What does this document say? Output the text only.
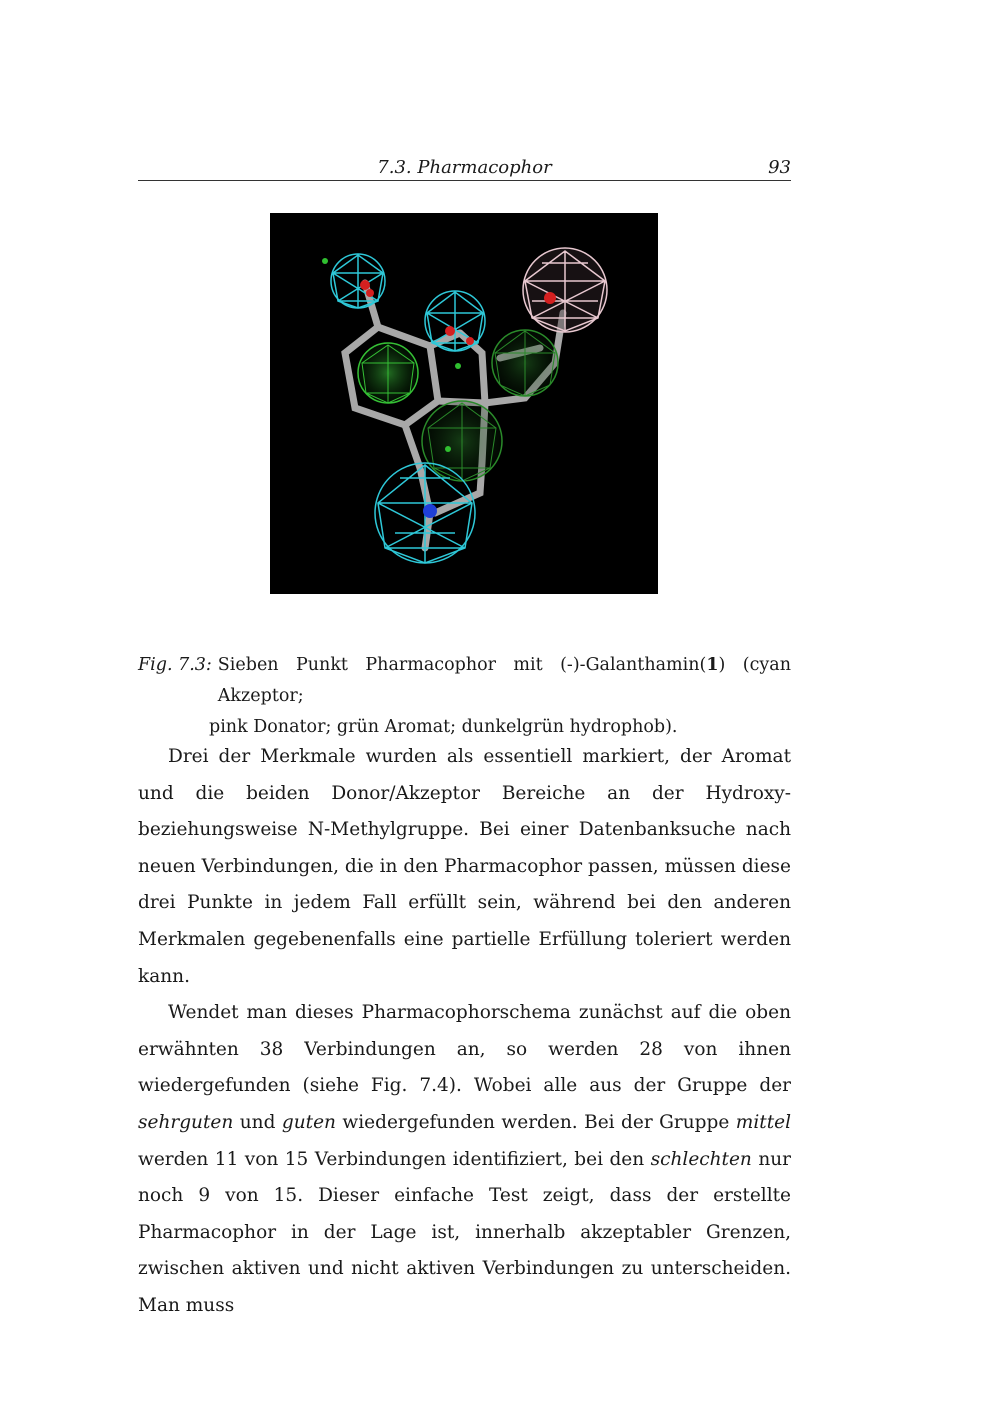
7.3. Pharmacophor	93
Fig. 7.3: Sieben Punkt Pharmacophor mit (-)-Galanthamin(1) (cyan Akzeptor;
pink Donator; grün Aromat; dunkelgrün hydrophob).

Drei der Merkmale wurden als essentiell markiert, der Aromat und die beiden Donor/Akzeptor Bereiche an der Hydroxy- beziehungsweise N-Methylgruppe. Bei einer Datenbanksuche nach neuen Verbindungen, die in den Pharmacophor passen, müssen diese drei Punkte in jedem Fall erfüllt sein, während bei den anderen Merkmalen gegebenenfalls eine partielle Erfüllung toleriert werden kann.

Wendet man dieses Pharmacophorschema zunächst auf die oben erwähnten 38 Verbindungen an, so werden 28 von ihnen wiedergefunden (siehe Fig. 7.4). Wobei alle aus der Gruppe der sehrguten und guten wiedergefunden werden. Bei der Gruppe mittel werden 11 von 15 Verbindungen identifiziert, bei den schlechten nur noch 9 von 15. Dieser einfache Test zeigt, dass der erstellte Pharmacophor in der Lage ist, innerhalb akzeptabler Grenzen, zwischen aktiven und nicht aktiven Verbindungen zu unterscheiden. Man muss
